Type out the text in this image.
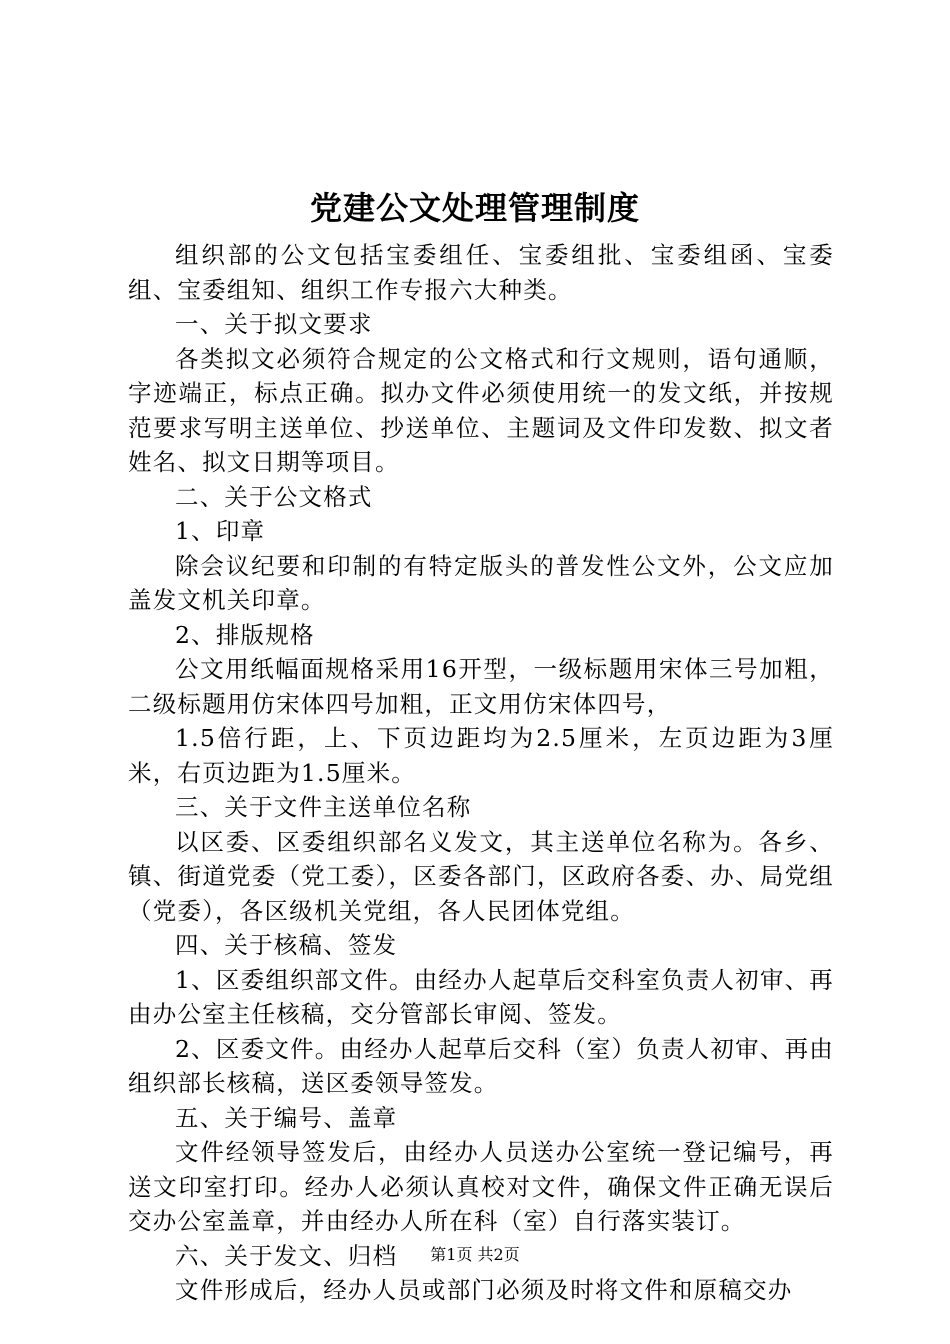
党建公文处理管理制度

组织部的公文包括宝委组任、宝委组批、宝委组函、宝委组、宝委组知、组织工作专报六大种类。

一、关于拟文要求

各类拟文必须符合规定的公文格式和行文规则，语句通顺，字迹端正，标点正确。拟办文件必须使用统一的发文纸，并按规范要求写明主送单位、抄送单位、主题词及文件印发数、拟文者姓名、拟文日期等项目。

二、关于公文格式

1、印章

除会议纪要和印制的有特定版头的普发性公文外，公文应加盖发文机关印章。

2、排版规格

公文用纸幅面规格采用16开型，一级标题用宋体三号加粗，二级标题用仿宋体四号加粗，正文用仿宋体四号，

1.5倍行距，上、下页边距均为2.5厘米，左页边距为3厘米，右页边距为1.5厘米。

三、关于文件主送单位名称

以区委、区委组织部名义发文，其主送单位名称为。各乡、镇、街道党委（党工委），区委各部门，区政府各委、办、局党组（党委），各区级机关党组，各人民团体党组。

四、关于核稿、签发

1、区委组织部文件。由经办人起草后交科室负责人初审、再由办公室主任核稿，交分管部长审阅、签发。

2、区委文件。由经办人起草后交科（室）负责人初审、再由组织部长核稿，送区委领导签发。

五、关于编号、盖章

文件经领导签发后，由经办人员送办公室统一登记编号，再送文印室打印。经办人必须认真校对文件，确保文件正确无误后交办公室盖章，并由经办人所在科（室）自行落实装订。

六、关于发文、归档

文件形成后，经办人员或部门必须及时将文件和原稿交办

第1页 共2页
